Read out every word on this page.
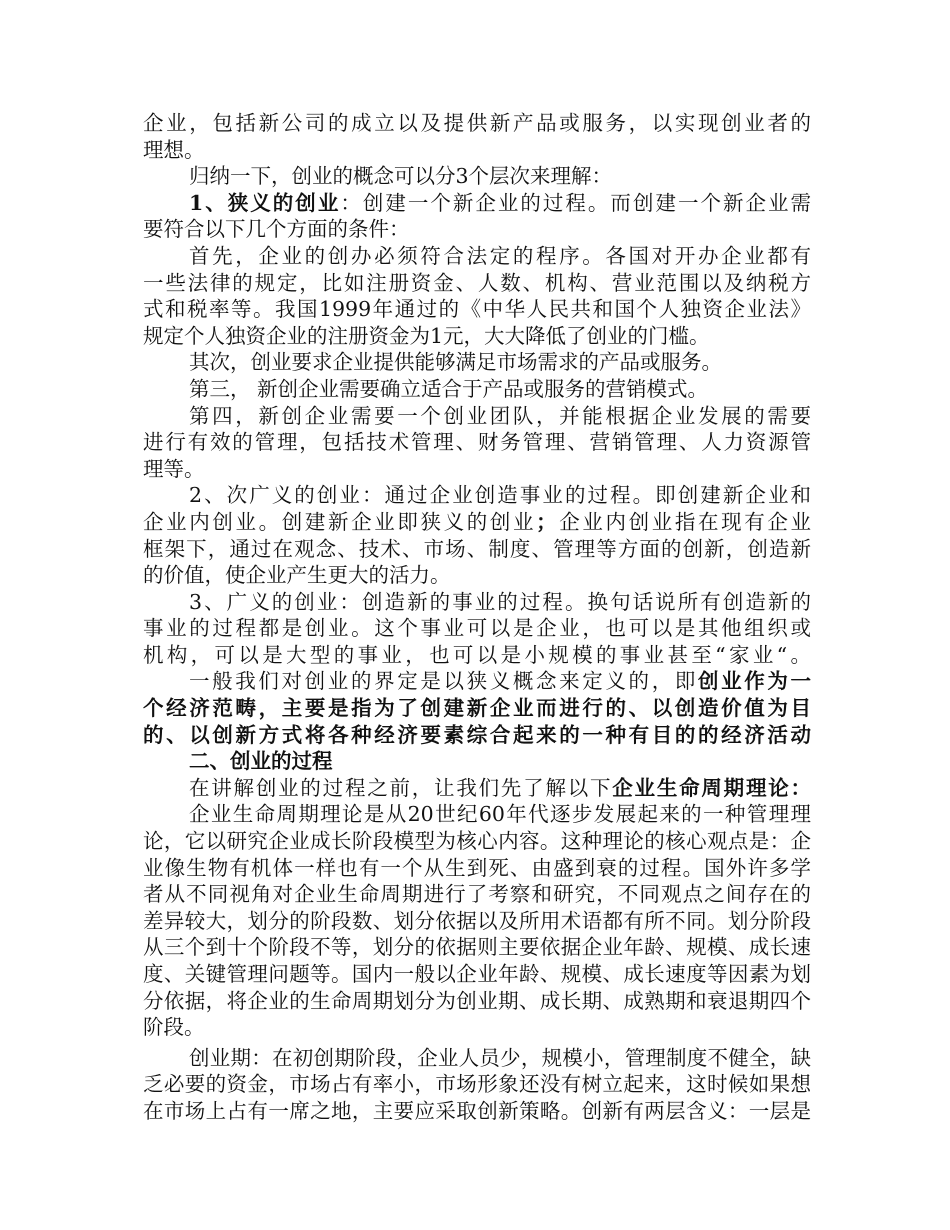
企业，包括新公司的成立以及提供新产品或服务，以实现创业者的
理想。
归纳一下，创业的概念可以分3个层次来理解：
1、狭义的创业：创建一个新企业的过程。而创建一个新企业需
要符合以下几个方面的条件：
首先，企业的创办必须符合法定的程序。各国对开办企业都有
一些法律的规定，比如注册资金、人数、机构、营业范围以及纳税方
式和税率等。我国1999年通过的《中华人民共和国个人独资企业法》
规定个人独资企业的注册资金为1元，大大降低了创业的门槛。
其次，创业要求企业提供能够满足市场需求的产品或服务。
第三， 新创企业需要确立适合于产品或服务的营销模式。
第四，新创企业需要一个创业团队，并能根据企业发展的需要
进行有效的管理，包括技术管理、财务管理、营销管理、人力资源管
理等。
2、次广义的创业：通过企业创造事业的过程。即创建新企业和
企业内创业。创建新企业即狭义的创业；企业内创业指在现有企业
框架下，通过在观念、技术、市场、制度、管理等方面的创新，创造新
的价值，使企业产生更大的活力。
3、广义的创业：创造新的事业的过程。换句话说所有创造新的
事业的过程都是创业。这个事业可以是企业，也可以是其他组织或
机构，可以是大型的事业，也可以是小规模的事业甚至“家业“。
一般我们对创业的界定是以狭义概念来定义的，即创业作为一
个经济范畴，主要是指为了创建新企业而进行的、以创造价值为目
的、以创新方式将各种经济要素综合起来的一种有目的的经济活动
二、创业的过程
在讲解创业的过程之前，让我们先了解以下企业生命周期理论：
企业生命周期理论是从20世纪60年代逐步发展起来的一种管理理
论，它以研究企业成长阶段模型为核心内容。这种理论的核心观点是：企
业像生物有机体一样也有一个从生到死、由盛到衰的过程。国外许多学
者从不同视角对企业生命周期进行了考察和研究，不同观点之间存在的
差异较大，划分的阶段数、划分依据以及所用术语都有所不同。划分阶段
从三个到十个阶段不等，划分的依据则主要依据企业年龄、规模、成长速
度、关键管理问题等。国内一般以企业年龄、规模、成长速度等因素为划
分依据，将企业的生命周期划分为创业期、成长期、成熟期和衰退期四个
阶段。
创业期：在初创期阶段，企业人员少，规模小，管理制度不健全，缺
乏必要的资金，市场占有率小，市场形象还没有树立起来，这时候如果想
在市场上占有一席之地，主要应采取创新策略。创新有两层含义：一层是
